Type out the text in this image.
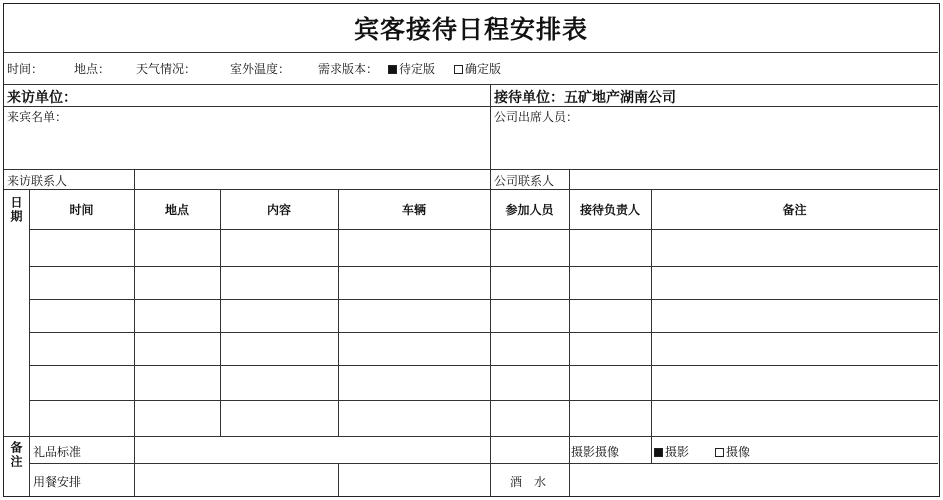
宾客接待日程安排表
时间：	地点： 天气情况：	室外温度： 需求版本：	待定版	确定版
来访单位：	接待单位：五矿地产湖南公司
来宾名单：	公司出席人员：
来访联系人	公司联系人
日期	时间	地点	内容	车辆	参加人员	接待负责人	备注
备注 礼品标准	摄影摄像	摄影	摄像
用餐安排	酒　水
